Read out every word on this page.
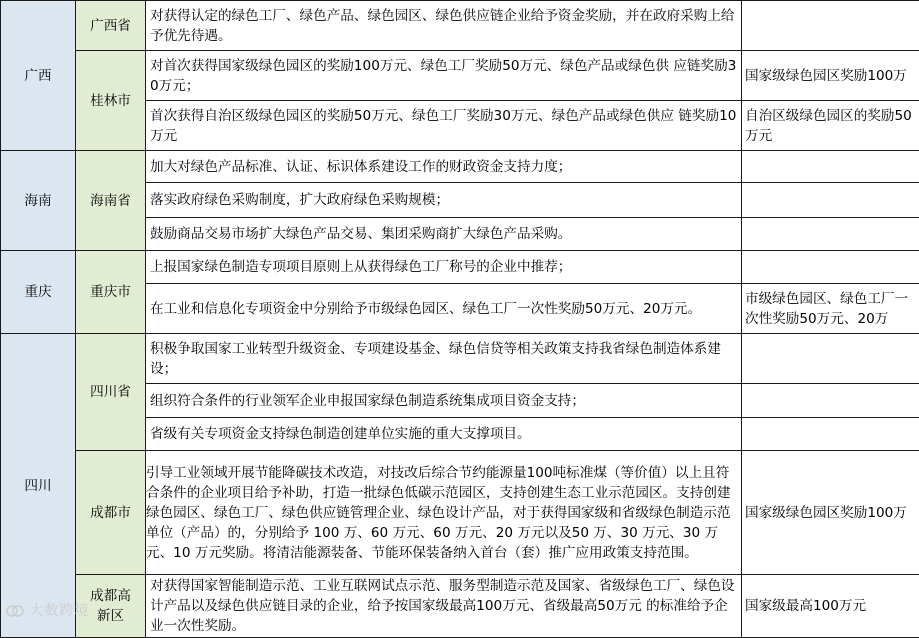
广西	广西省	对获得认定的绿色工厂、绿色产品、绿色园区、绿色供应链企业给予资金奖励，并在政府采购上给予优先待遇。	
	桂林市	对首次获得国家级绿色园区的奖励100万元、绿色工厂奖励50万元、绿色产品或绿色供 应链奖励30万元；	国家级绿色园区奖励100万
		首次获得自治区级绿色园区的奖励50万元、绿色工厂奖励30万元、绿色产品或绿色供应 链奖励10万元	自治区级绿色园区的奖励50万元
海南	海南省	加大对绿色产品标准、认证、标识体系建设工作的财政资金支持力度；	
		落实政府绿色采购制度，扩大政府绿色采购规模；	
		鼓励商品交易市场扩大绿色产品交易、集团采购商扩大绿色产品采购。	
重庆	重庆市	上报国家绿色制造专项项目原则上从获得绿色工厂称号的企业中推荐；	
		在工业和信息化专项资金中分别给予市级绿色园区、绿色工厂一次性奖励50万元、20万元。	市级绿色园区、绿色工厂一次性奖励50万元、20万
四川	四川省	积极争取国家工业转型升级资金、专项建设基金、绿色信贷等相关政策支持我省绿色制造体系建设；	
		组织符合条件的行业领军企业申报国家绿色制造系统集成项目资金支持；	
		省级有关专项资金支持绿色制造创建单位实施的重大支撑项目。	
	成都市	引导工业领域开展节能降碳技术改造，对技改后综合节约能源量100吨标准煤（等价值）以上且符合条件的企业项目给予补助，打造一批绿色低碳示范园区，支持创建生态工业示范园区。支持创建绿色园区、绿色工厂、绿色供应链管理企业、绿色设计产品，对于获得国家级和省级绿色制造示范单位（产品）的，分别给予 100 万、60 万元、60 万元、20 万元以及50 万、30 万元、30 万元、10 万元奖励。将清洁能源装备、节能环保装备纳入首台（套）推广应用政策支持范围。	国家级绿色园区奖励100万
	成都高新区	对获得国家智能制造示范、工业互联网试点示范、服务型制造示范及国家、省级绿色工厂、绿色设计产品以及绿色供应链目录的企业，给予按国家级最高100万元、省级最高50万元 的标准给予企业一次性奖励。	国家级最高100万元
大数跨境
